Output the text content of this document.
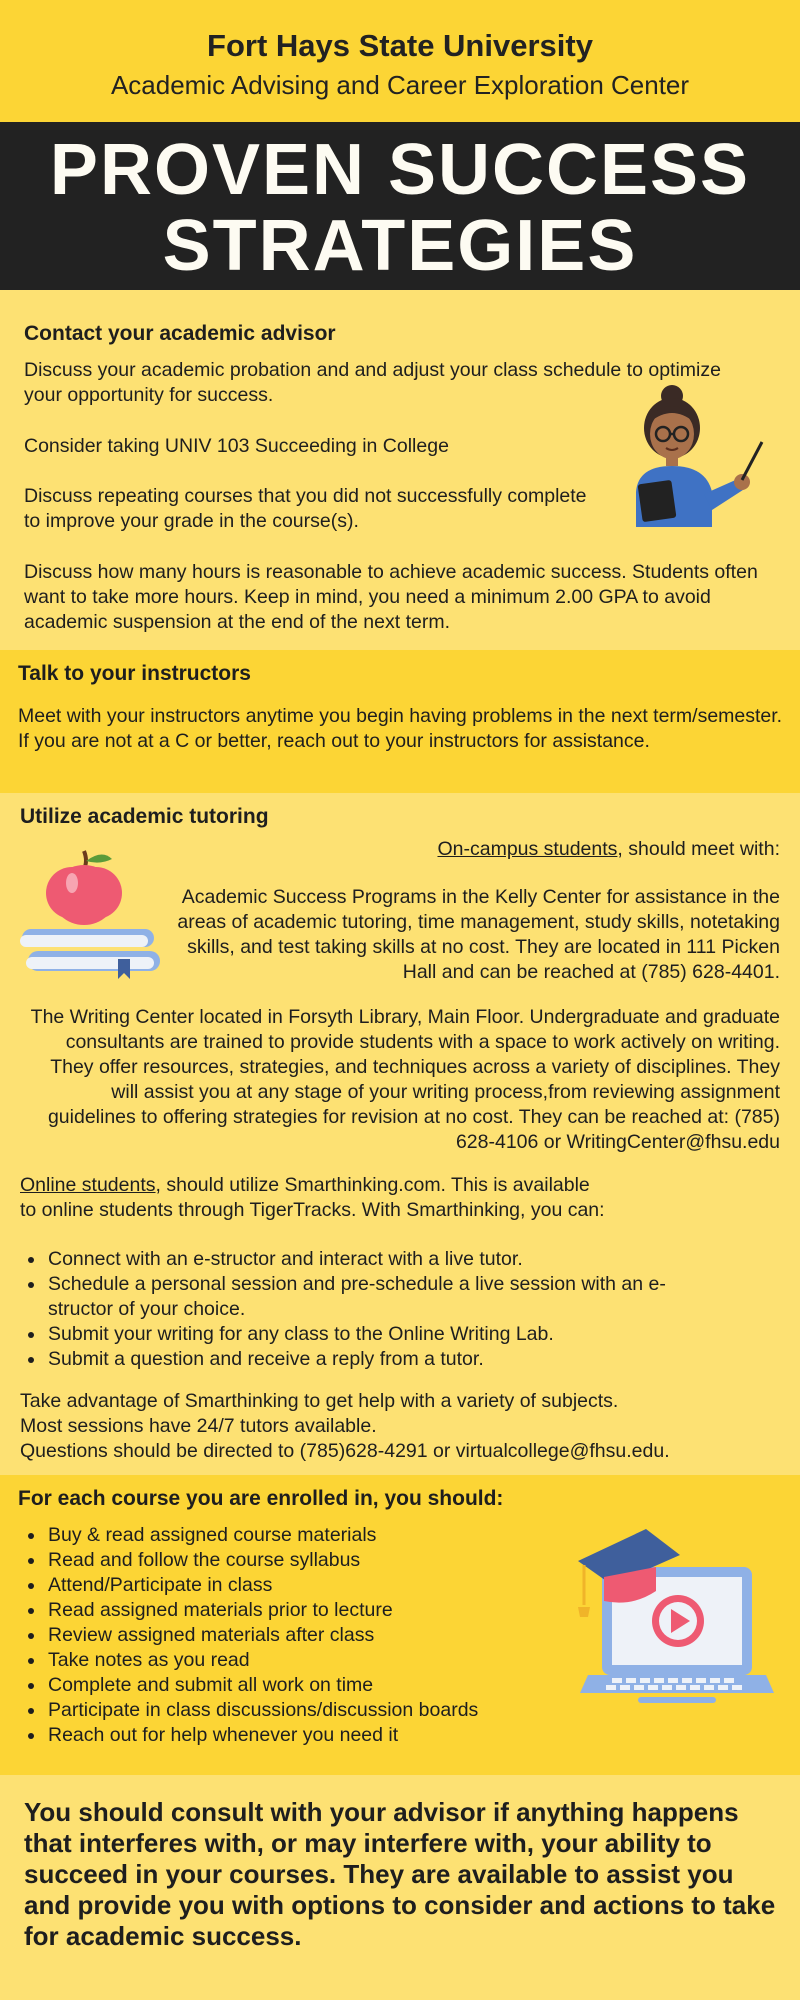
Fort Hays State University
Academic Advising and Career Exploration Center
PROVEN SUCCESS
STRATEGIES
Contact your academic advisor
Discuss your academic probation and and adjust your class schedule to optimize your opportunity for success.
Consider taking UNIV 103 Succeeding in College
Discuss repeating courses that you did not successfully complete to improve your grade in the course(s).
Discuss how many hours is reasonable to achieve academic success. Students often want to take more hours. Keep in mind, you need a minimum 2.00 GPA to avoid academic suspension at the end of the next term.
Talk to your instructors
Meet with your instructors anytime you begin having problems in the next term/semester. If you are not at a C or better, reach out to your instructors for assistance.
Utilize academic tutoring
On-campus students, should meet with:
Academic Success Programs in the Kelly Center for assistance in the areas of academic tutoring, time management, study skills, notetaking skills, and test taking skills at no cost. They are located in 111 Picken Hall and can be reached at (785) 628-4401.
The Writing Center located in Forsyth Library, Main Floor. Undergraduate and graduate consultants are trained to provide students with a space to work actively on writing. They offer resources, strategies, and techniques across a variety of disciplines. They will assist you at any stage of your writing process,from reviewing assignment guidelines to offering strategies for revision at no cost. They can be reached at: (785) 628-4106 or WritingCenter@fhsu.edu
Online students, should utilize Smarthinking.com. This is available
to online students through TigerTracks. With Smarthinking, you can:
• Connect with an e-structor and interact with a live tutor.
• Schedule a personal session and pre-schedule a live session with an e-structor of your choice.
• Submit your writing for any class to the Online Writing Lab.
• Submit a question and receive a reply from a tutor.
Take advantage of Smarthinking to get help with a variety of subjects.
Most sessions have 24/7 tutors available.
Questions should be directed to (785)628-4291 or virtualcollege@fhsu.edu.
For each course you are enrolled in, you should:
• Buy & read assigned course materials
• Read and follow the course syllabus
• Attend/Participate in class
• Read assigned materials prior to lecture
• Review assigned materials after class
• Take notes as you read
• Complete and submit all work on time
• Participate in class discussions/discussion boards
• Reach out for help whenever you need it
You should consult with your advisor if anything happens that interferes with, or may interfere with, your ability to succeed in your courses. They are available to assist you and provide you with options to consider and actions to take for academic success.
